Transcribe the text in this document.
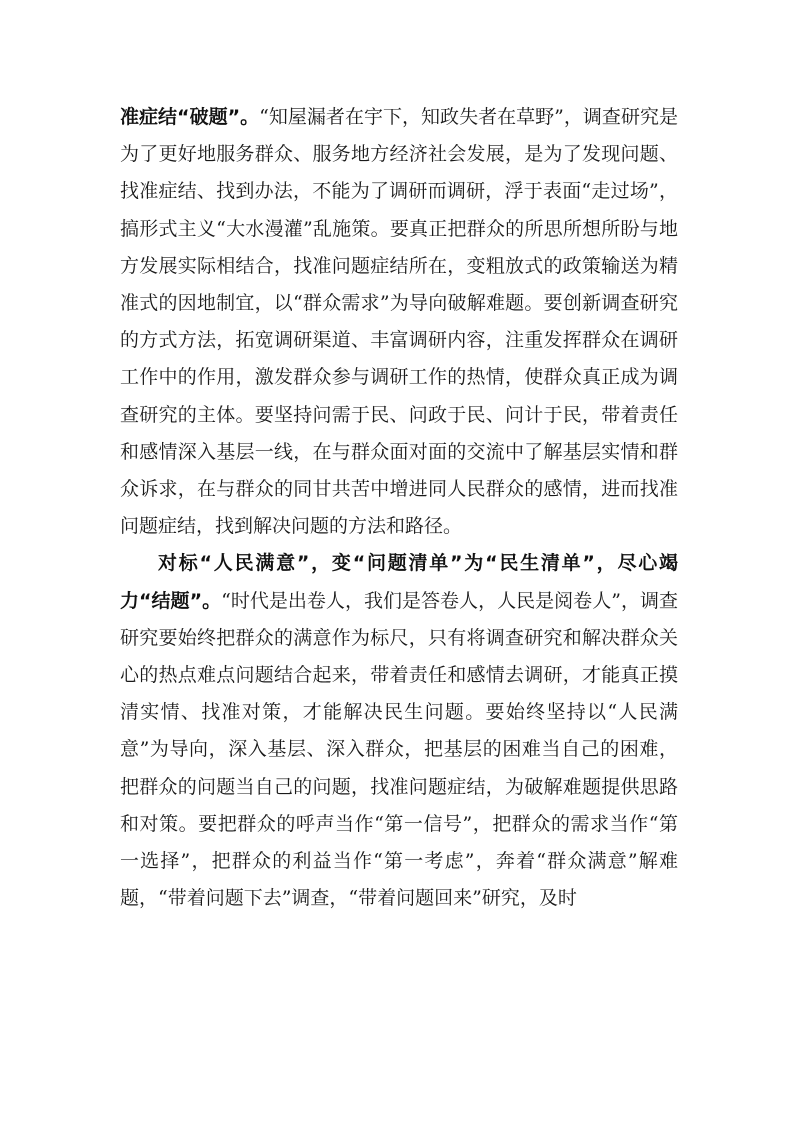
准症结“破题”。“知屋漏者在宇下，知政失者在草野”，调查研究是为了更好地服务群众、服务地方经济社会发展，是为了发现问题、找准症结、找到办法，不能为了调研而调研，浮于表面“走过场”，搞形式主义“大水漫灌”乱施策。要真正把群众的所思所想所盼与地方发展实际相结合，找准问题症结所在，变粗放式的政策输送为精准式的因地制宜，以“群众需求”为导向破解难题。要创新调查研究的方式方法，拓宽调研渠道、丰富调研内容，注重发挥群众在调研工作中的作用，激发群众参与调研工作的热情，使群众真正成为调查研究的主体。要坚持问需于民、问政于民、问计于民，带着责任和感情深入基层一线，在与群众面对面的交流中了解基层实情和群众诉求，在与群众的同甘共苦中增进同人民群众的感情，进而找准问题症结，找到解决问题的方法和路径。

对标“人民满意”，变“问题清单”为“民生清单”，尽心竭力“结题”。“时代是出卷人，我们是答卷人，人民是阅卷人”，调查研究要始终把群众的满意作为标尺，只有将调查研究和解决群众关心的热点难点问题结合起来，带着责任和感情去调研，才能真正摸清实情、找准对策，才能解决民生问题。要始终坚持以“人民满意”为导向，深入基层、深入群众，把基层的困难当自己的困难，把群众的问题当自己的问题，找准问题症结，为破解难题提供思路和对策。要把群众的呼声当作“第一信号”，把群众的需求当作“第一选择”，把群众的利益当作“第一考虑”，奔着“群众满意”解难题，“带着问题下去”调查，“带着问题回来”研究，及时
